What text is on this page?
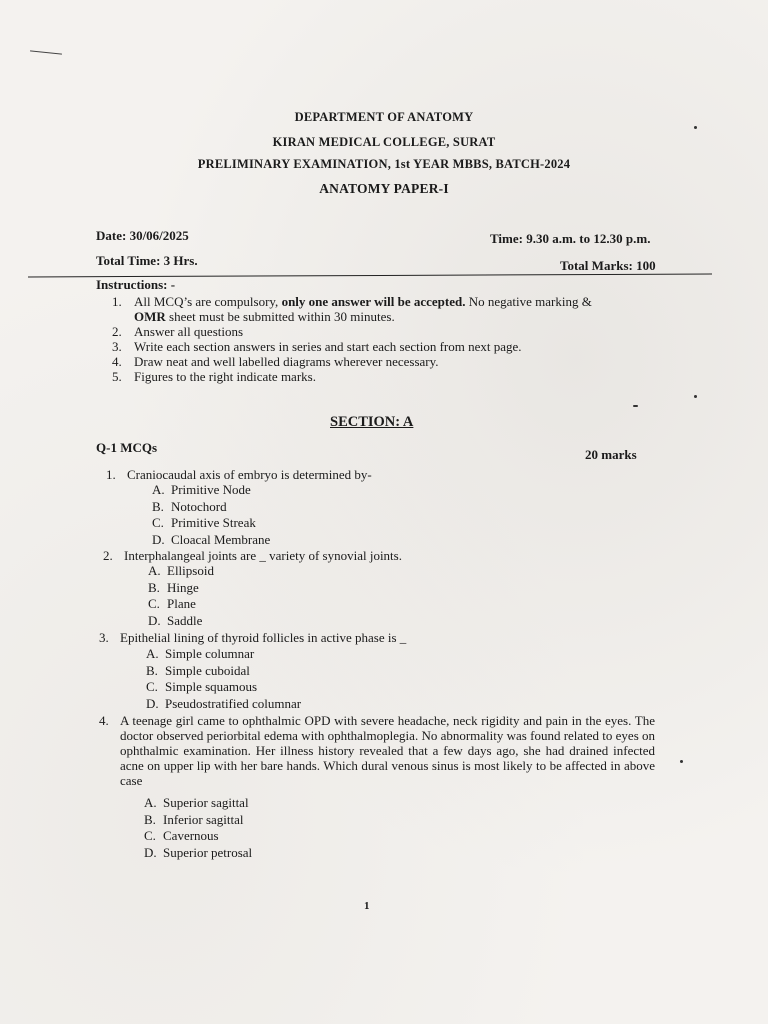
DEPARTMENT OF ANATOMY
KIRAN MEDICAL COLLEGE, SURAT
PRELIMINARY EXAMINATION, 1st YEAR MBBS, BATCH-2024
ANATOMY PAPER-I
Date: 30/06/2025	Time: 9.30 a.m. to 12.30 p.m.
Total Time: 3 Hrs.	Total Marks: 100
Instructions: -
1. All MCQ’s are compulsory, only one answer will be accepted. No negative marking &
OMR sheet must be submitted within 30 minutes.
2. Answer all questions
3. Write each section answers in series and start each section from next page.
4. Draw neat and well labelled diagrams wherever necessary.
5. Figures to the right indicate marks.
SECTION: A
Q-1 MCQs	20 marks
1. Craniocaudal axis of embryo is determined by-
A. Primitive Node
B. Notochord
C. Primitive Streak
D. Cloacal Membrane
2. Interphalangeal joints are _ variety of synovial joints.
A. Ellipsoid
B. Hinge
C. Plane
D. Saddle
3. Epithelial lining of thyroid follicles in active phase is _
A. Simple columnar
B. Simple cuboidal
C. Simple squamous
D. Pseudostratified columnar
4. A teenage girl came to ophthalmic OPD with severe headache, neck rigidity and pain in the eyes. The doctor observed periorbital edema with ophthalmoplegia. No abnormality was found related to eyes on ophthalmic examination. Her illness history revealed that a few days ago, she had drained infected acne on upper lip with her bare hands. Which dural venous sinus is most likely to be affected in above case
A. Superior sagittal
B. Inferior sagittal
C. Cavernous
D. Superior petrosal
1
